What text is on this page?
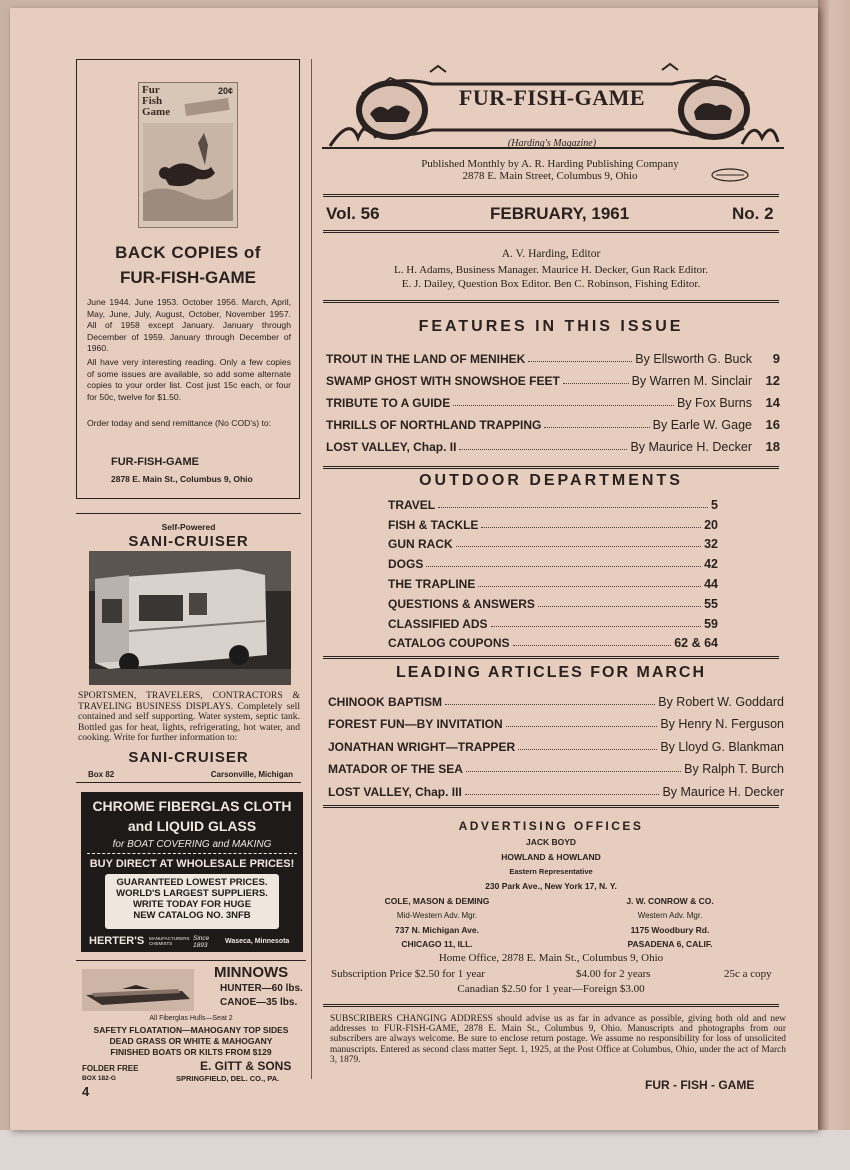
Fur
Fish
Game
20¢
BACK COPIES of
FUR-FISH-GAME
June 1944. June 1953. October 1956. March, April, May, June, July, August, October, November 1957. All of 1958 except January. January through December of 1959. January through December of 1960.
All have very interesting reading. Only a few copies of some issues are available, so add some alternate copies to your order list. Cost just 15c each, or four for 50c, twelve for $1.50.
Order today and send remittance (No COD's) to:
FUR-FISH-GAME
2878 E. Main St., Columbus 9, Ohio
Self-Powered
SANI-CRUISER
SPORTSMEN, TRAVELERS, CONTRACTORS & TRAVELING BUSINESS DISPLAYS. Completely sell contained and self supporting. Water system, septic tank. Bottled gas for heat, lights, refrigerating, hot water, and cooking. Write for further information to:
SANI-CRUISER
Box 82	Carsonville, Michigan
CHROME FIBERGLAS CLOTH
and LIQUID GLASS
for BOAT COVERING and MAKING
BUY DIRECT AT WHOLESALE PRICES!
GUARANTEED LOWEST PRICES.
WORLD'S LARGEST SUPPLIERS.
WRITE TODAY FOR HUGE
NEW CATALOG NO. 3NFB
HERTER'S MANUFACTURERS CHEMISTS
Since 1893
Waseca, Minnesota
MINNOWS
HUNTER—60 lbs.
CANOE—35 lbs.
All Fiberglas Hulls—Seat 2
SAFETY FLOATATION—MAHOGANY TOP SIDES
DEAD GRASS OR WHITE & MAHOGANY
FINISHED BOATS OR KILTS FROM $129
FOLDER FREE
BOX 182-G
E. GITT & SONS
SPRINGFIELD, DEL. CO., PA.
FUR-FISH-GAME
(Harding's Magazine)
Published Monthly by A. R. Harding Publishing Company
2878 E. Main Street, Columbus 9, Ohio
Vol. 56	FEBRUARY, 1961	No. 2
A. V. Harding, Editor
L. H. Adams, Business Manager. Maurice H. Decker, Gun Rack Editor.
E. J. Dailey, Question Box Editor. Ben C. Robinson, Fishing Editor.
FEATURES IN THIS ISSUE
TROUT IN THE LAND OF MENIHEK	By Ellsworth G. Buck	9
SWAMP GHOST WITH SNOWSHOE FEET	By Warren M. Sinclair	12
TRIBUTE TO A GUIDE	By Fox Burns	14
THRILLS OF NORTHLAND TRAPPING	By Earle W. Gage	16
LOST VALLEY, Chap. II	By Maurice H. Decker	18
OUTDOOR DEPARTMENTS
TRAVEL	5
FISH & TACKLE	20
GUN RACK	32
DOGS	42
THE TRAPLINE	44
QUESTIONS & ANSWERS	55
CLASSIFIED ADS	59
CATALOG COUPONS	62 & 64
LEADING ARTICLES FOR MARCH
CHINOOK BAPTISM	By Robert W. Goddard
FOREST FUN—BY INVITATION	By Henry N. Ferguson
JONATHAN WRIGHT—TRAPPER	By Lloyd G. Blankman
MATADOR OF THE SEA	By Ralph T. Burch
LOST VALLEY, Chap. III	By Maurice H. Decker
ADVERTISING OFFICES
JACK BOYD
HOWLAND & HOWLAND
Eastern Representative
230 Park Ave., New York 17, N. Y.
COLE, MASON & DEMING
Mid-Western Adv. Mgr.
737 N. Michigan Ave.
CHICAGO 11, ILL.
J. W. CONROW & CO.
Western Adv. Mgr.
1175 Woodbury Rd.
PASADENA 6, CALIF.
Home Office, 2878 E. Main St., Columbus 9, Ohio
Subscription Price $2.50 for 1 year	$4.00 for 2 years	25c a copy
Canadian $2.50 for 1 year—Foreign $3.00
SUBSCRIBERS CHANGING ADDRESS should advise us as far in advance as possible, giving both old and new addresses to FUR-FISH-GAME, 2878 E. Main St., Columbus 9, Ohio. Manuscripts and photographs from our subscribers are always welcome. Be sure to enclose return postage. We assume no responsibility for loss of unsolicited manuscripts. Entered as second class matter Sept. 1, 1925, at the Post Office at Columbus, Ohio, under the act of March 3, 1879.
4	FUR - FISH - GAME
